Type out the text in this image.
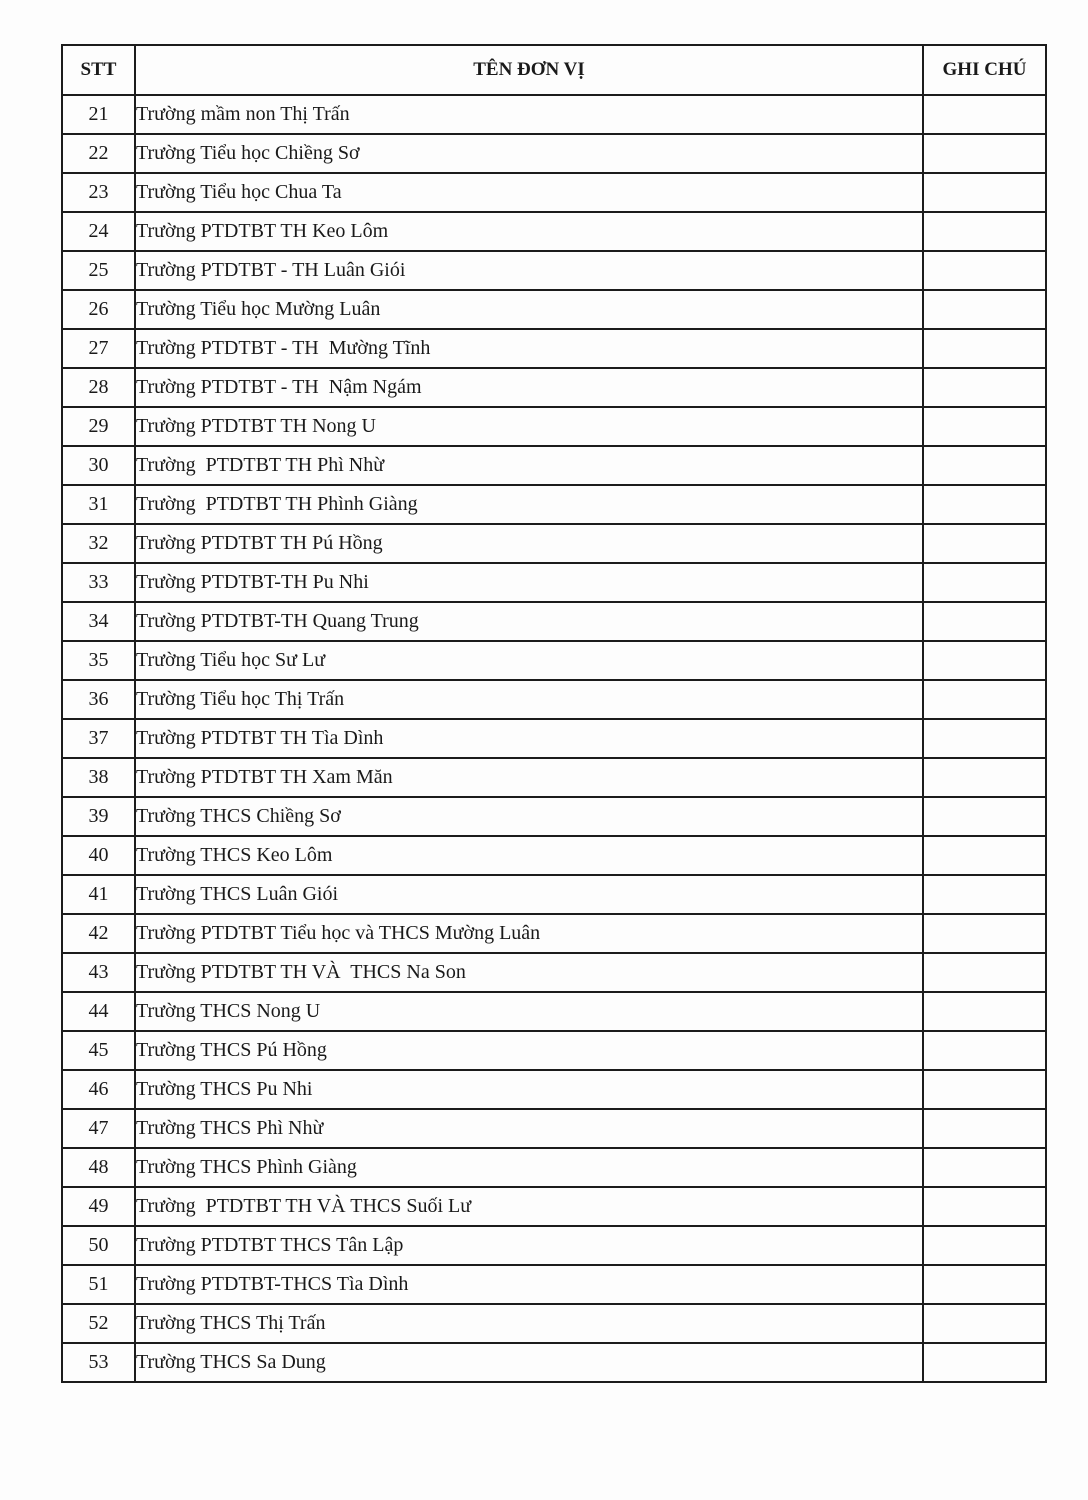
STT	TÊN ĐƠN VỊ	GHI CHÚ
21	Trường mầm non Thị Trấn	
22	Trường Tiểu học Chiềng Sơ	
23	Trường Tiểu học Chua Ta	
24	Trường PTDTBT TH Keo Lôm	
25	Trường PTDTBT - TH Luân Giói	
26	Trường Tiểu học Mường Luân	
27	Trường PTDTBT - TH  Mường Tĩnh	
28	Trường PTDTBT - TH  Nậm Ngám	
29	Trường PTDTBT TH Nong U	
30	Trường  PTDTBT TH Phì Nhừ	
31	Trường  PTDTBT TH Phình Giàng	
32	Trường PTDTBT TH Pú Hồng	
33	Trường PTDTBT-TH Pu Nhi	
34	Trường PTDTBT-TH Quang Trung	
35	Trường Tiểu học Sư Lư	
36	Trường Tiểu học Thị Trấn	
37	Trường PTDTBT TH Tìa Dình	
38	Trường PTDTBT TH Xam Măn	
39	Trường THCS Chiềng Sơ	
40	Trường THCS Keo Lôm	
41	Trường THCS Luân Giói	
42	Trường PTDTBT Tiểu học và THCS Mường Luân	
43	Trường PTDTBT TH VÀ  THCS Na Son	
44	Trường THCS Nong U	
45	Trường THCS Pú Hồng	
46	Trường THCS Pu Nhi	
47	Trường THCS Phì Nhừ	
48	Trường THCS Phình Giàng	
49	Trường  PTDTBT TH VÀ THCS Suối Lư	
50	Trường PTDTBT THCS Tân Lập	
51	Trường PTDTBT-THCS Tìa Dình	
52	Trường THCS Thị Trấn	
53	Trường THCS Sa Dung	
